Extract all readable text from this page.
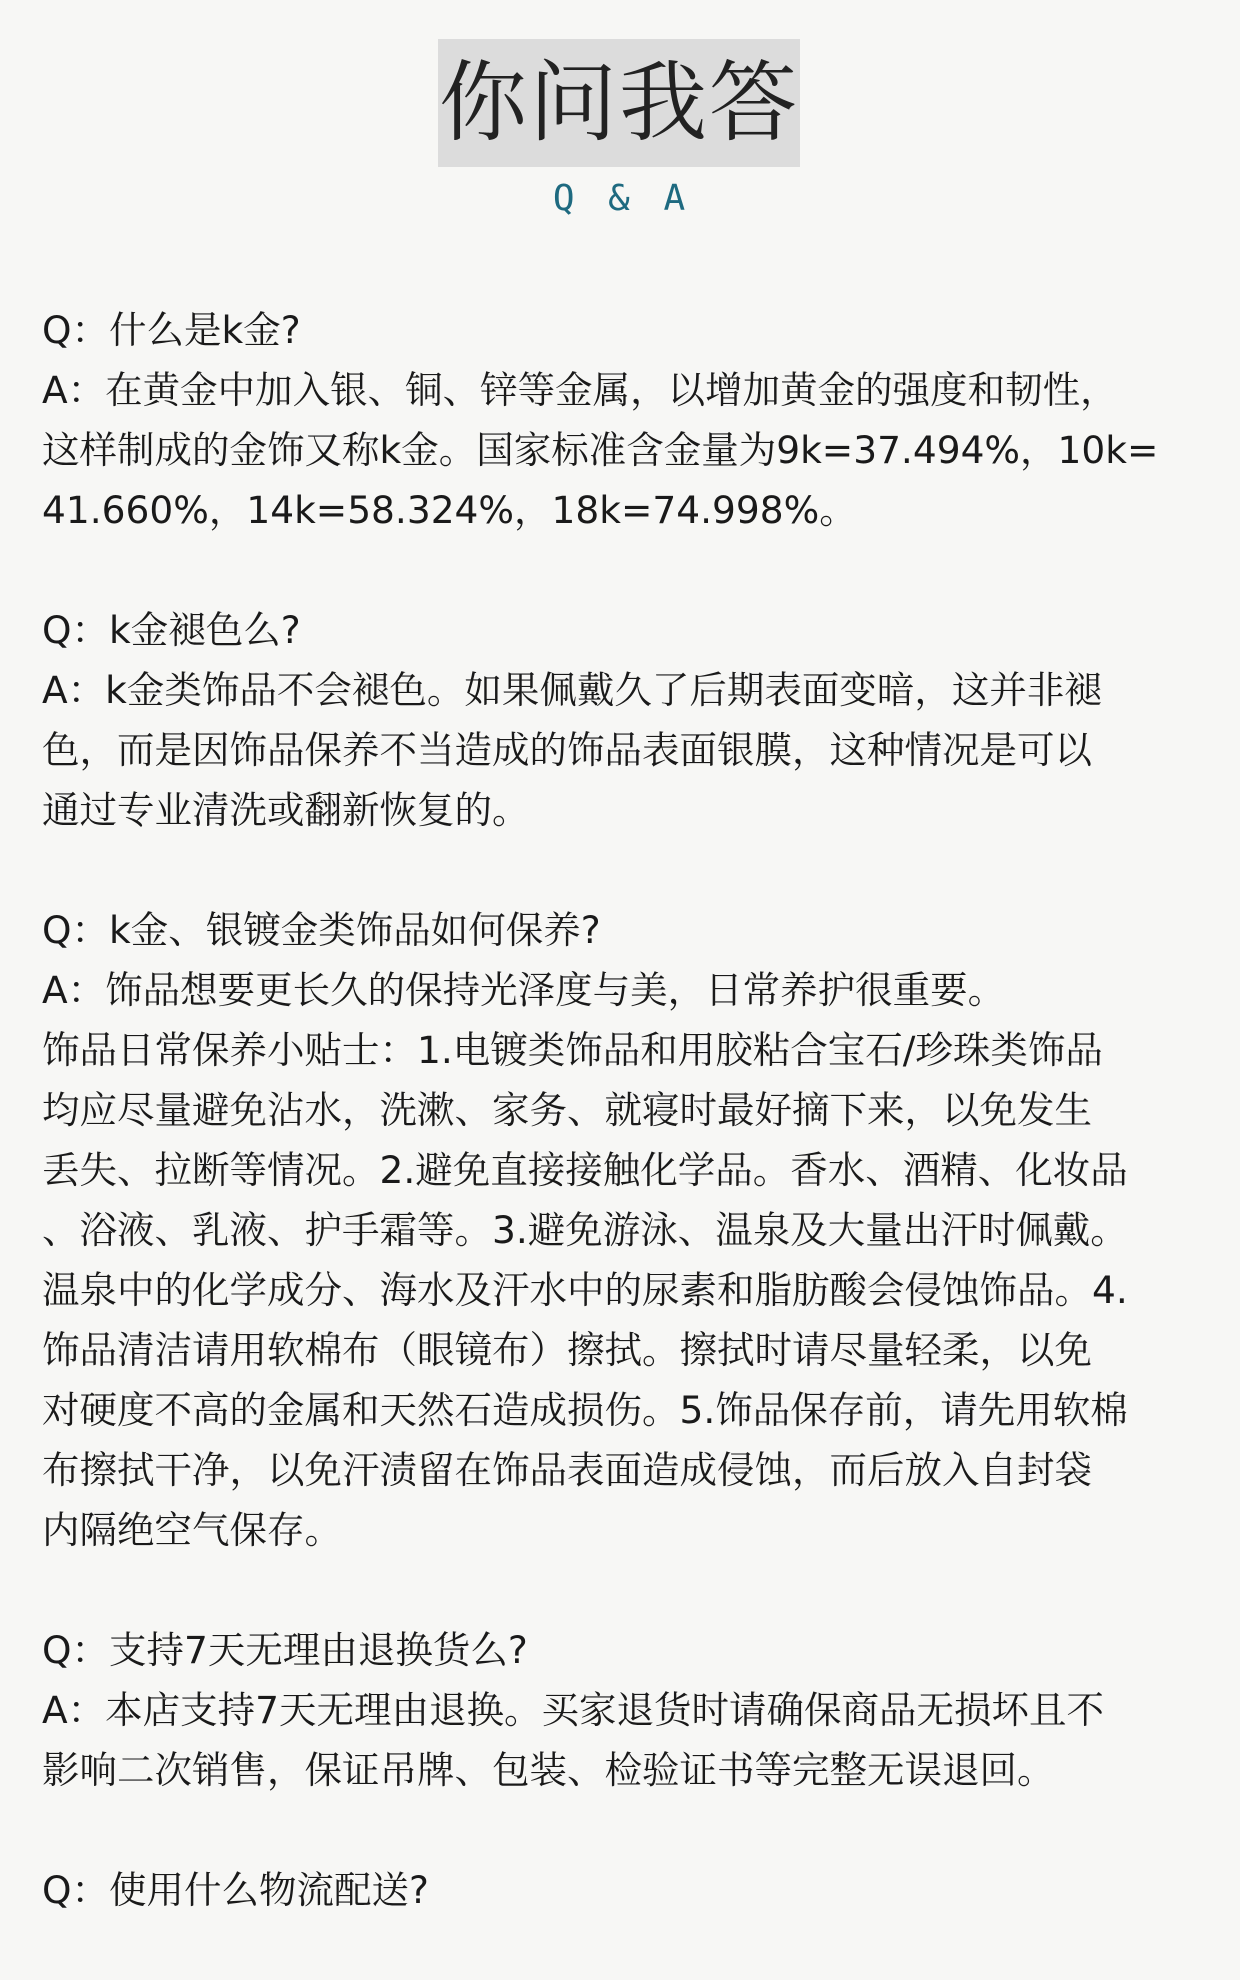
你问我答
Q & A
Q：什么是k金?
A：在黄金中加入银、铜、锌等金属，以增加黄金的强度和韧性，
这样制成的金饰又称k金。国家标准含金量为9k=37.494%，10k=
41.660%，14k=58.324%，18k=74.998%。
Q：k金褪色么?
A：k金类饰品不会褪色。如果佩戴久了后期表面变暗，这并非褪
色，而是因饰品保养不当造成的饰品表面银膜，这种情况是可以
通过专业清洗或翻新恢复的。
Q：k金、银镀金类饰品如何保养?
A：饰品想要更长久的保持光泽度与美，日常养护很重要。
饰品日常保养小贴士：1.电镀类饰品和用胶粘合宝石/珍珠类饰品
均应尽量避免沾水，洗漱、家务、就寝时最好摘下来，以免发生
丢失、拉断等情况。2.避免直接接触化学品。香水、酒精、化妆品
、浴液、乳液、护手霜等。3.避免游泳、温泉及大量出汗时佩戴。
温泉中的化学成分、海水及汗水中的尿素和脂肪酸会侵蚀饰品。4.
饰品清洁请用软棉布（眼镜布）擦拭。擦拭时请尽量轻柔，以免
对硬度不高的金属和天然石造成损伤。5.饰品保存前，请先用软棉
布擦拭干净，以免汗渍留在饰品表面造成侵蚀，而后放入自封袋
内隔绝空气保存。
Q：支持7天无理由退换货么?
A：本店支持7天无理由退换。买家退货时请确保商品无损坏且不
影响二次销售，保证吊牌、包装、检验证书等完整无误退回。
Q：使用什么物流配送?
